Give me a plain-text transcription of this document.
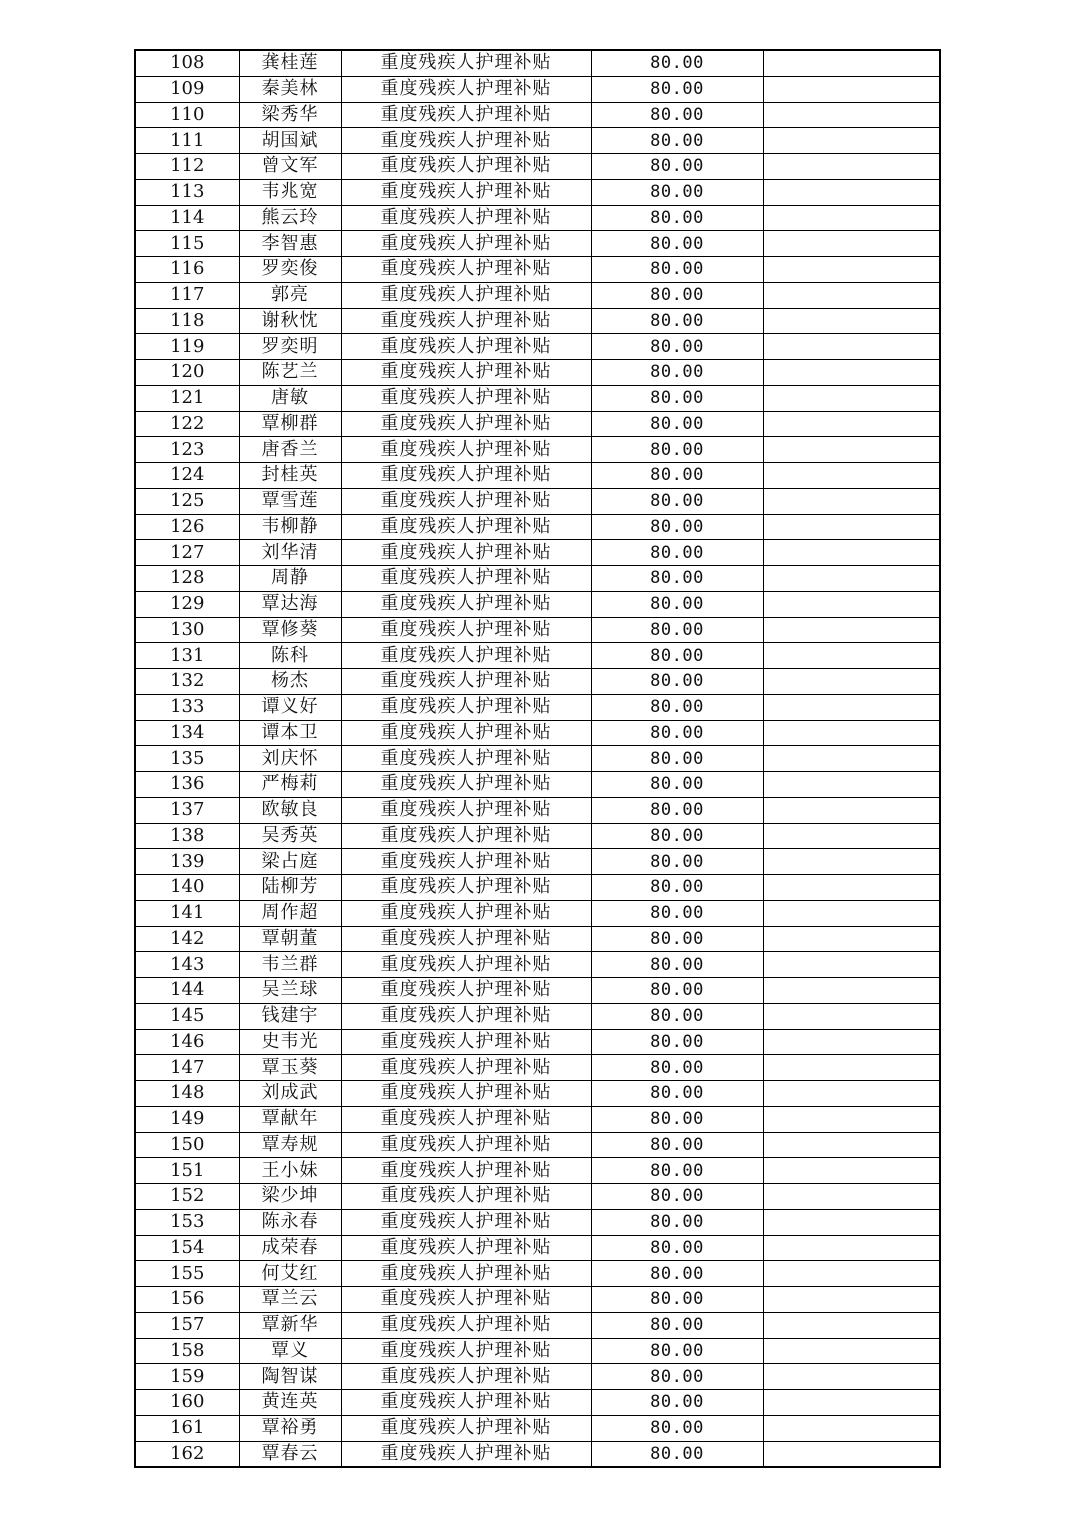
108	龚桂莲	重度残疾人护理补贴	80.00	
109	秦美林	重度残疾人护理补贴	80.00	
110	梁秀华	重度残疾人护理补贴	80.00	
111	胡国斌	重度残疾人护理补贴	80.00	
112	曾文军	重度残疾人护理补贴	80.00	
113	韦兆宽	重度残疾人护理补贴	80.00	
114	熊云玲	重度残疾人护理补贴	80.00	
115	李智惠	重度残疾人护理补贴	80.00	
116	罗奕俊	重度残疾人护理补贴	80.00	
117	郭亮	重度残疾人护理补贴	80.00	
118	谢秋忱	重度残疾人护理补贴	80.00	
119	罗奕明	重度残疾人护理补贴	80.00	
120	陈艺兰	重度残疾人护理补贴	80.00	
121	唐敏	重度残疾人护理补贴	80.00	
122	覃柳群	重度残疾人护理补贴	80.00	
123	唐香兰	重度残疾人护理补贴	80.00	
124	封桂英	重度残疾人护理补贴	80.00	
125	覃雪莲	重度残疾人护理补贴	80.00	
126	韦柳静	重度残疾人护理补贴	80.00	
127	刘华清	重度残疾人护理补贴	80.00	
128	周静	重度残疾人护理补贴	80.00	
129	覃达海	重度残疾人护理补贴	80.00	
130	覃修葵	重度残疾人护理补贴	80.00	
131	陈科	重度残疾人护理补贴	80.00	
132	杨杰	重度残疾人护理补贴	80.00	
133	谭义好	重度残疾人护理补贴	80.00	
134	谭本卫	重度残疾人护理补贴	80.00	
135	刘庆怀	重度残疾人护理补贴	80.00	
136	严梅莉	重度残疾人护理补贴	80.00	
137	欧敏良	重度残疾人护理补贴	80.00	
138	吴秀英	重度残疾人护理补贴	80.00	
139	梁占庭	重度残疾人护理补贴	80.00	
140	陆柳芳	重度残疾人护理补贴	80.00	
141	周作超	重度残疾人护理补贴	80.00	
142	覃朝董	重度残疾人护理补贴	80.00	
143	韦兰群	重度残疾人护理补贴	80.00	
144	吴兰球	重度残疾人护理补贴	80.00	
145	钱建宇	重度残疾人护理补贴	80.00	
146	史韦光	重度残疾人护理补贴	80.00	
147	覃玉葵	重度残疾人护理补贴	80.00	
148	刘成武	重度残疾人护理补贴	80.00	
149	覃献年	重度残疾人护理补贴	80.00	
150	覃寿规	重度残疾人护理补贴	80.00	
151	王小妹	重度残疾人护理补贴	80.00	
152	梁少坤	重度残疾人护理补贴	80.00	
153	陈永春	重度残疾人护理补贴	80.00	
154	成荣春	重度残疾人护理补贴	80.00	
155	何艾红	重度残疾人护理补贴	80.00	
156	覃兰云	重度残疾人护理补贴	80.00	
157	覃新华	重度残疾人护理补贴	80.00	
158	覃义	重度残疾人护理补贴	80.00	
159	陶智谋	重度残疾人护理补贴	80.00	
160	黄连英	重度残疾人护理补贴	80.00	
161	覃裕勇	重度残疾人护理补贴	80.00	
162	覃春云	重度残疾人护理补贴	80.00	
